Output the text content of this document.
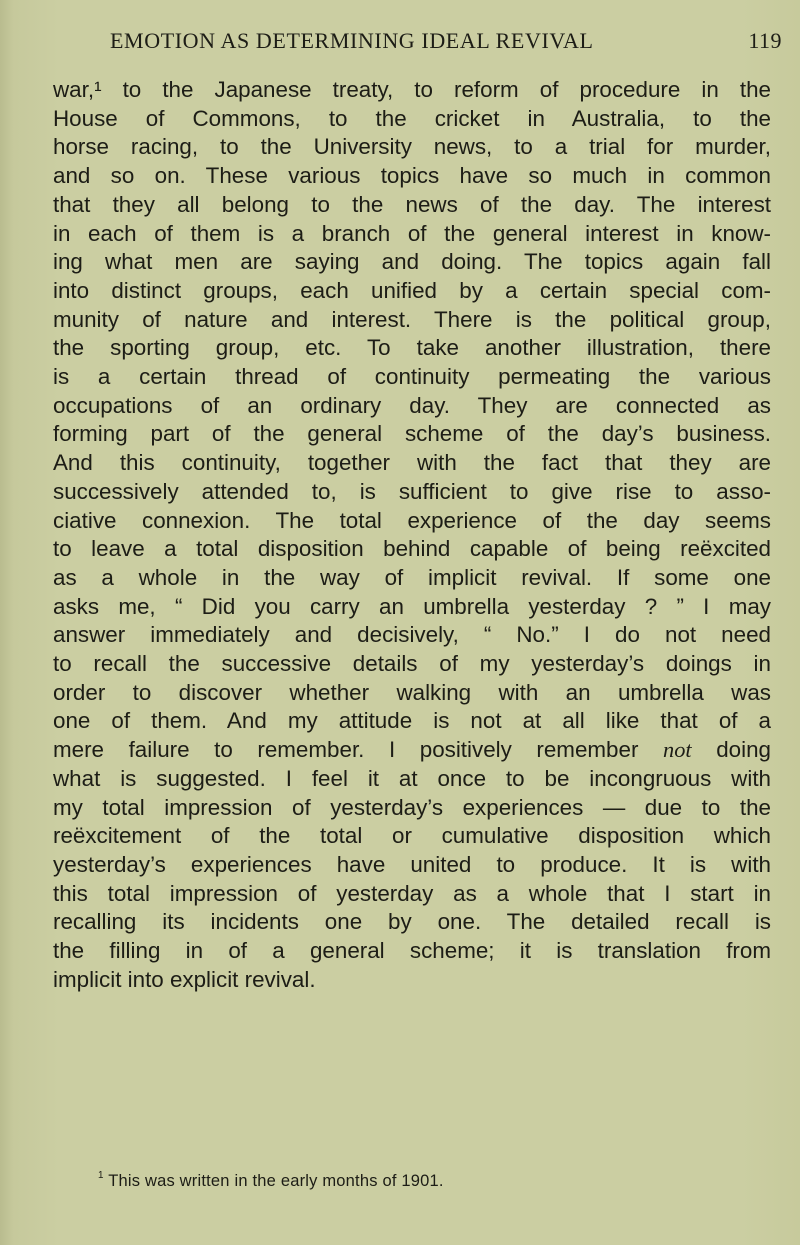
EMOTION AS DETERMINING IDEAL REVIVAL	119
war,¹ to the Japanese treaty, to reform of procedure in the
House of Commons, to the cricket in Australia, to the
horse racing, to the University news, to a trial for murder,
and so on. These various topics have so much in common
that they all belong to the news of the day. The interest
in each of them is a branch of the general interest in know-
ing what men are saying and doing. The topics again fall
into distinct groups, each unified by a certain special com-
munity of nature and interest. There is the political group,
the sporting group, etc. To take another illustration, there
is a certain thread of continuity permeating the various
occupations of an ordinary day. They are connected as
forming part of the general scheme of the day’s business.
And this continuity, together with the fact that they are
successively attended to, is sufficient to give rise to asso-
ciative connexion. The total experience of the day seems
to leave a total disposition behind capable of being reëxcited
as a whole in the way of implicit revival. If some one
asks me, “ Did you carry an umbrella yesterday ? ” I may
answer immediately and decisively, “ No.” I do not need
to recall the successive details of my yesterday’s doings in
order to discover whether walking with an umbrella was
one of them. And my attitude is not at all like that of a
mere failure to remember. I positively remember not doing
what is suggested. I feel it at once to be incongruous with
my total impression of yesterday’s experiences — due to the
reëxcitement of the total or cumulative disposition which
yesterday’s experiences have united to produce. It is with
this total impression of yesterday as a whole that I start in
recalling its incidents one by one. The detailed recall is
the filling in of a general scheme; it is translation from
implicit into explicit revival.
$^1$ This was written in the early months of 1901.
